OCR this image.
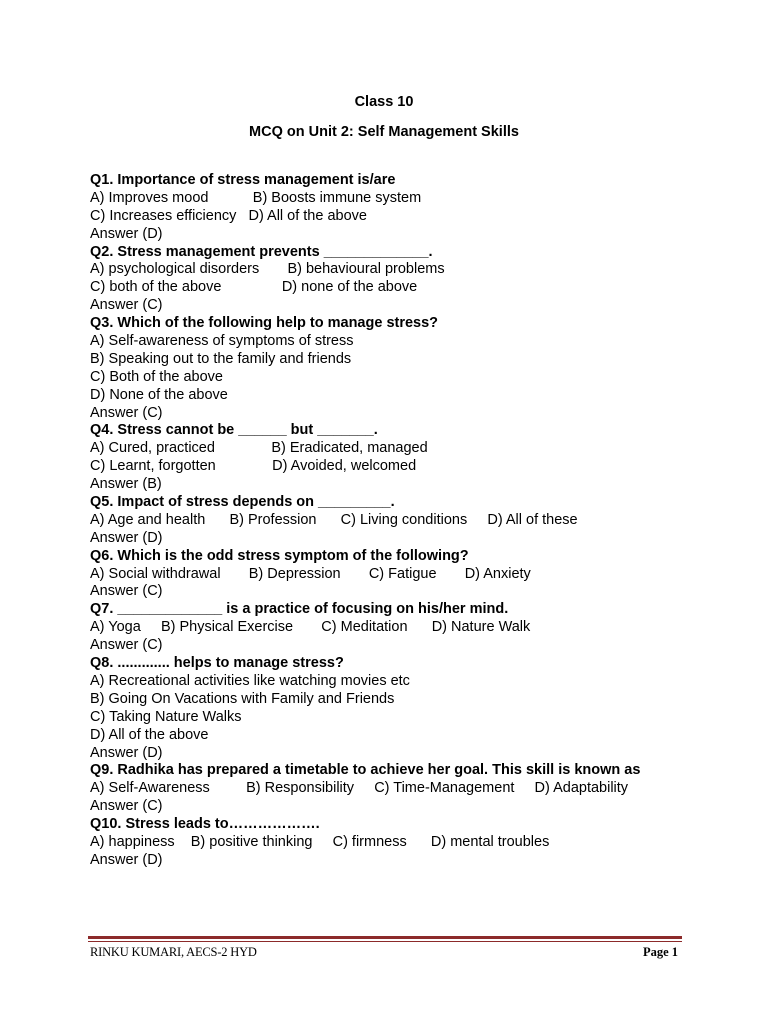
Class 10
MCQ on Unit 2: Self Management Skills
Q1. Importance of stress management is/are
A) Improves mood           B) Boosts immune system
C) Increases efficiency   D) All of the above
Answer (D)
Q2. Stress management prevents _____________.
A) psychological disorders       B) behavioural problems
C) both of the above               D) none of the above
Answer (C)
Q3. Which of the following help to manage stress?
A) Self-awareness of symptoms of stress
B) Speaking out to the family and friends
C) Both of the above
D) None of the above
Answer (C)
Q4. Stress cannot be ______ but _______.
A) Cured, practiced              B) Eradicated, managed
C) Learnt, forgotten              D) Avoided, welcomed
Answer (B)
Q5. Impact of stress depends on _________.
A) Age and health      B) Profession      C) Living conditions     D) All of these
Answer (D)
Q6. Which is the odd stress symptom of the following?
A) Social withdrawal       B) Depression       C) Fatigue       D) Anxiety
Answer (C)
Q7. _____________ is a practice of focusing on his/her mind.
A) Yoga     B) Physical Exercise       C) Meditation      D) Nature Walk
Answer (C)
Q8. ............. helps to manage stress?
A) Recreational activities like watching movies etc
B) Going On Vacations with Family and Friends
C) Taking Nature Walks
D) All of the above
Answer (D)
Q9. Radhika has prepared a timetable to achieve her goal. This skill is known as
A) Self-Awareness         B) Responsibility     C) Time-Management     D) Adaptability
Answer (C)
Q10. Stress leads to……………….
A) happiness    B) positive thinking     C) firmness      D) mental troubles
Answer (D)
RINKU KUMARI, AECS-2 HYD	Page 1
